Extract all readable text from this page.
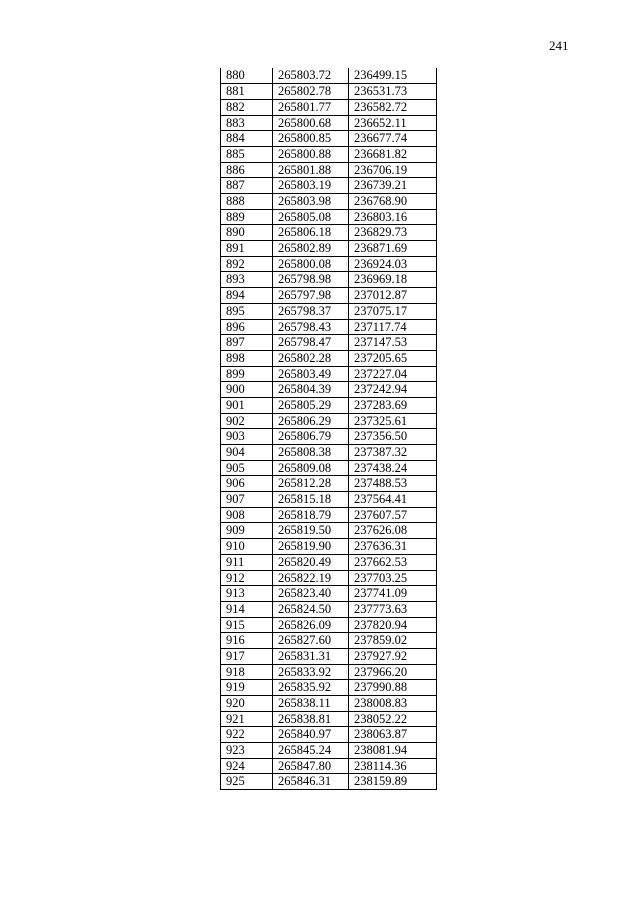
241
880	265803.72	236499.15
881	265802.78	236531.73
882	265801.77	236582.72
883	265800.68	236652.11
884	265800.85	236677.74
885	265800.88	236681.82
886	265801.88	236706.19
887	265803.19	236739.21
888	265803.98	236768.90
889	265805.08	236803.16
890	265806.18	236829.73
891	265802.89	236871.69
892	265800.08	236924.03
893	265798.98	236969.18
894	265797.98	237012.87
895	265798.37	237075.17
896	265798.43	237117.74
897	265798.47	237147.53
898	265802.28	237205.65
899	265803.49	237227.04
900	265804.39	237242.94
901	265805.29	237283.69
902	265806.29	237325.61
903	265806.79	237356.50
904	265808.38	237387.32
905	265809.08	237438.24
906	265812.28	237488.53
907	265815.18	237564.41
908	265818.79	237607.57
909	265819.50	237626.08
910	265819.90	237636.31
911	265820.49	237662.53
912	265822.19	237703.25
913	265823.40	237741.09
914	265824.50	237773.63
915	265826.09	237820.94
916	265827.60	237859.02
917	265831.31	237927.92
918	265833.92	237966.20
919	265835.92	237990.88
920	265838.11	238008.83
921	265838.81	238052.22
922	265840.97	238063.87
923	265845.24	238081.94
924	265847.80	238114.36
925	265846.31	238159.89
